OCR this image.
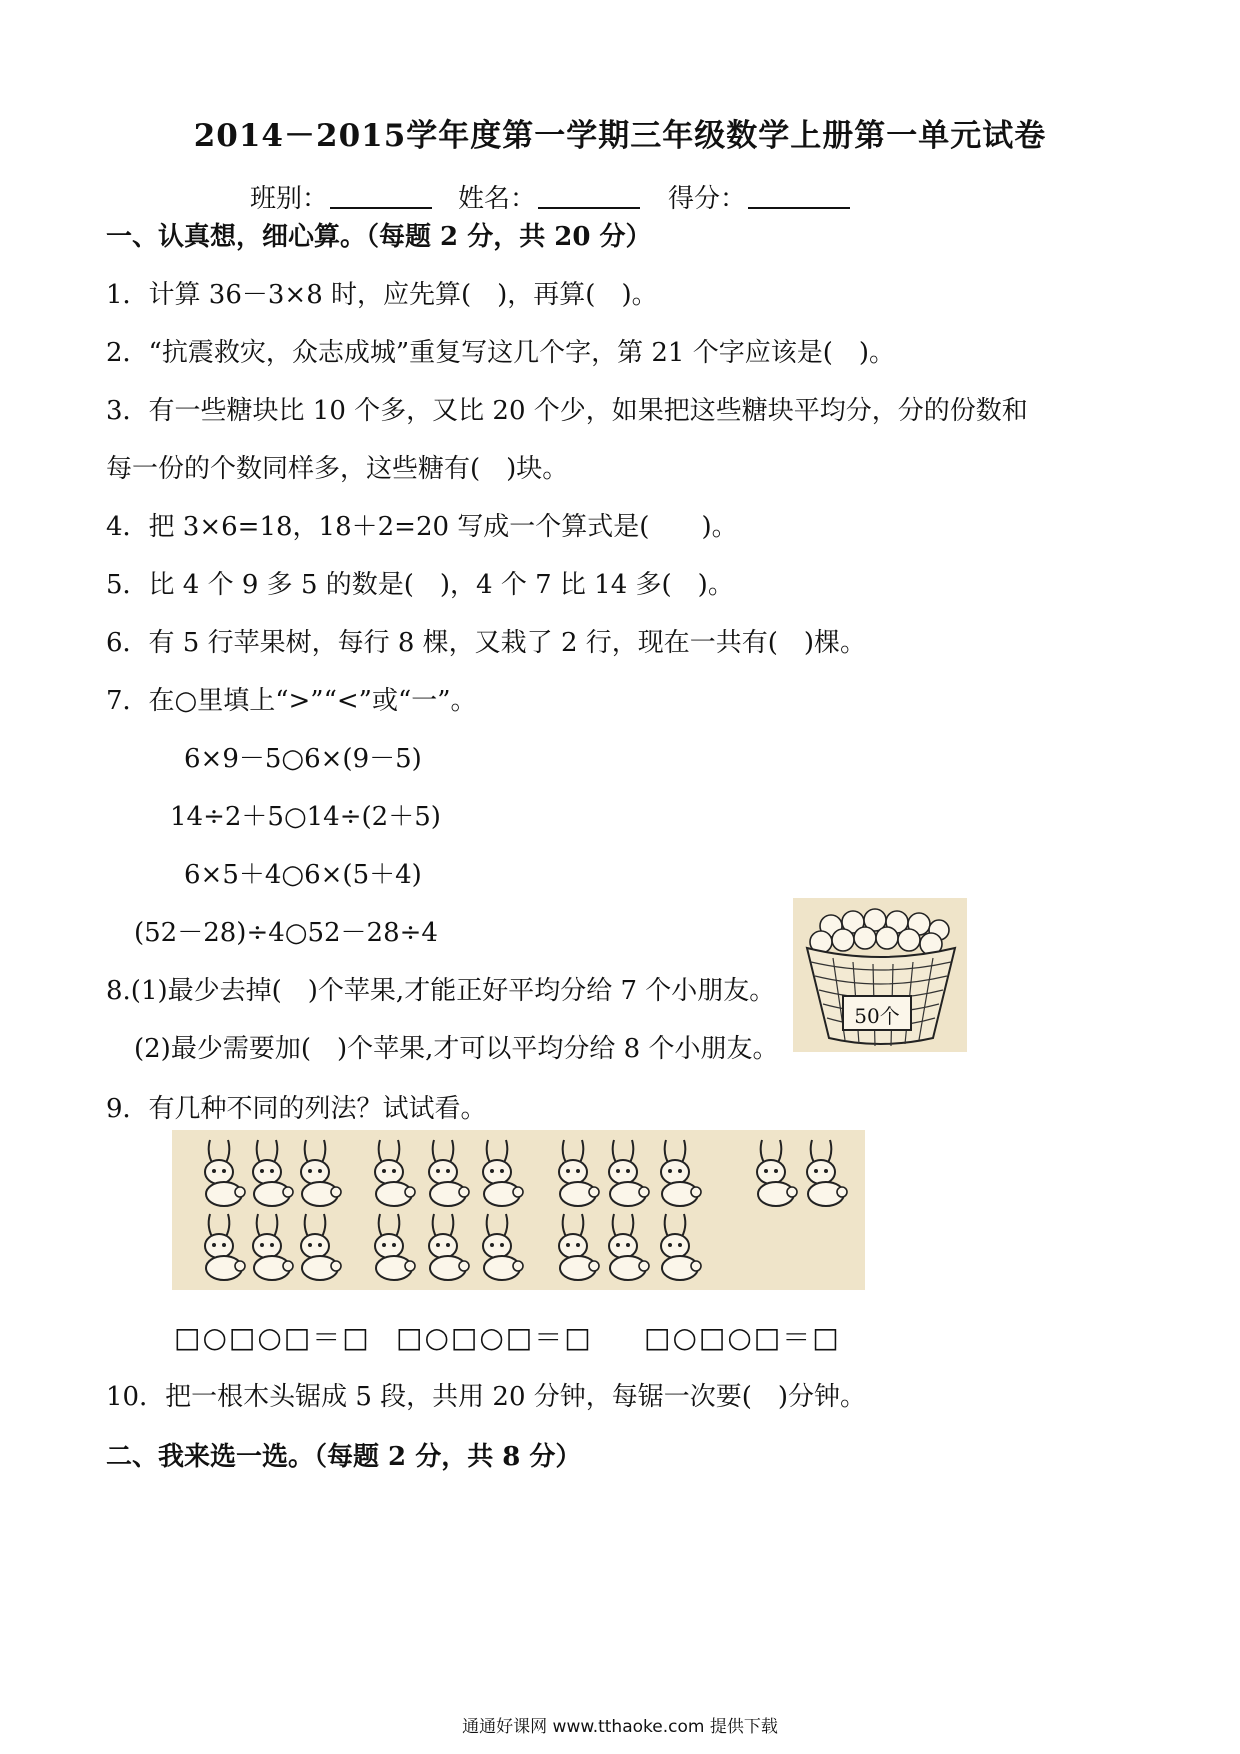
2014－2015学年度第一学期三年级数学上册第一单元试卷
班别：	姓名：	得分：
一、认真想，细心算。（每题 2 分，共 20 分）
1．计算 36－3×8 时，应先算(　)，再算(　)。
2．“抗震救灾，众志成城”重复写这几个字，第 21 个字应该是(　)。
3．有一些糖块比 10 个多，又比 20 个少，如果把这些糖块平均分，分的份数和
每一份的个数同样多，这些糖有(　)块。
4．把 3×6=18，18＋2=20 写成一个算式是(　　)。
5．比 4 个 9 多 5 的数是(　)，4 个 7 比 14 多(　)。
6．有 5 行苹果树，每行 8 棵，又栽了 2 行，现在一共有(　)棵。
7．在○里填上“>”“<”或“一”。
6×9－5○6×(9－5)
14÷2＋5○14÷(2＋5)
6×5＋4○6×(5＋4)
(52－28)÷4○52－28÷4
8.(1)最少去掉(　)个苹果,才能正好平均分给 7 个小朋友。
(2)最少需要加(　)个苹果,才可以平均分给 8 个小朋友。
50个
9．有几种不同的列法？试试看。
□○□○□＝□ □○□○□＝□ □○□○□＝□
10．把一根木头锯成 5 段，共用 20 分钟，每锯一次要(　)分钟。
二、我来选一选。（每题 2 分，共 8 分）
通通好课网 www.tthaoke.com 提供下载
